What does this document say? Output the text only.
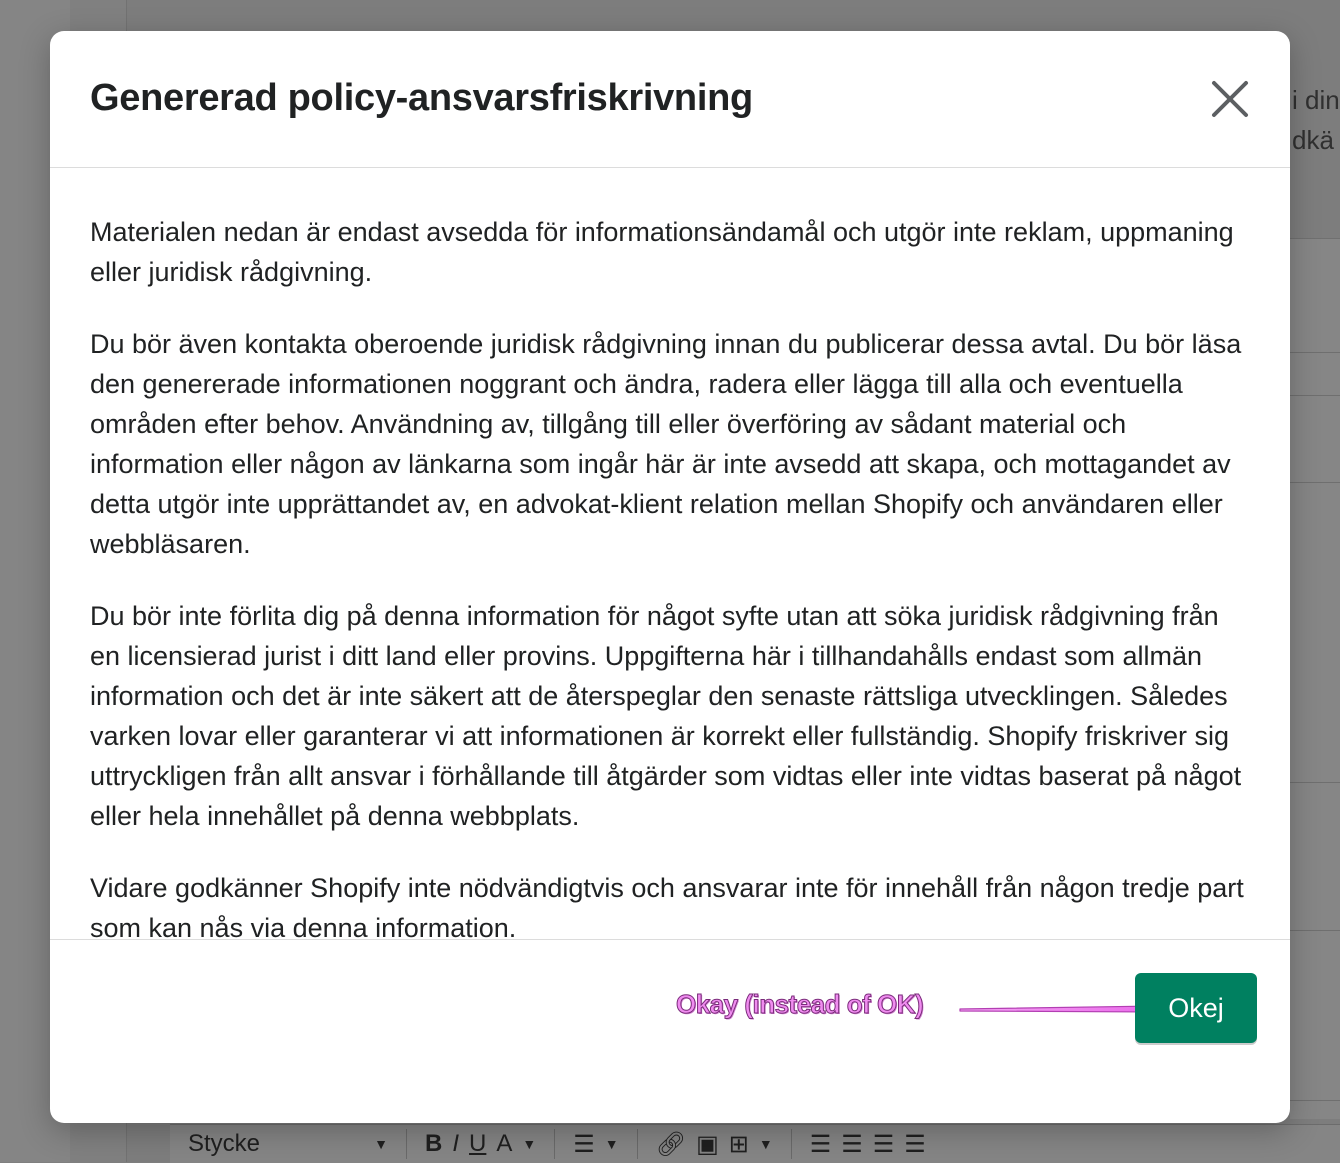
i din
dkä
Stycke	▼ B I U A ▼ ☰ ▼ 🔗︎ ▣ ⊞ ▼ ☰ ☰ ☰ ☰
Genererad policy-ansvarsfriskrivning

Materialen nedan är endast avsedda för informationsändamål och utgör inte reklam, uppmaning eller juridisk rådgivning.

Du bör även kontakta oberoende juridisk rådgivning innan du publicerar dessa avtal. Du bör läsa den genererade informationen noggrant och ändra, radera eller lägga till alla och eventuella områden efter behov. Användning av, tillgång till eller överföring av sådant material och information eller någon av länkarna som ingår här är inte avsedd att skapa, och mottagandet av detta utgör inte upprättandet av, en advokat-klient relation mellan Shopify och användaren eller webbläsaren.

Du bör inte förlita dig på denna information för något syfte utan att söka juridisk rådgivning från en licensierad jurist i ditt land eller provins. Uppgifterna här i tillhandahålls endast som allmän information och det är inte säkert att de återspeglar den senaste rättsliga utvecklingen. Således varken lovar eller garanterar vi att informationen är korrekt eller fullständig. Shopify friskriver sig uttryckligen från allt ansvar i förhållande till åtgärder som vidtas eller inte vidtas baserat på något eller hela innehållet på denna webbplats.

Vidare godkänner Shopify inte nödvändigtvis och ansvarar inte för innehåll från någon tredje part som kan nås via denna information.

Okay (instead of OK)	Okej
